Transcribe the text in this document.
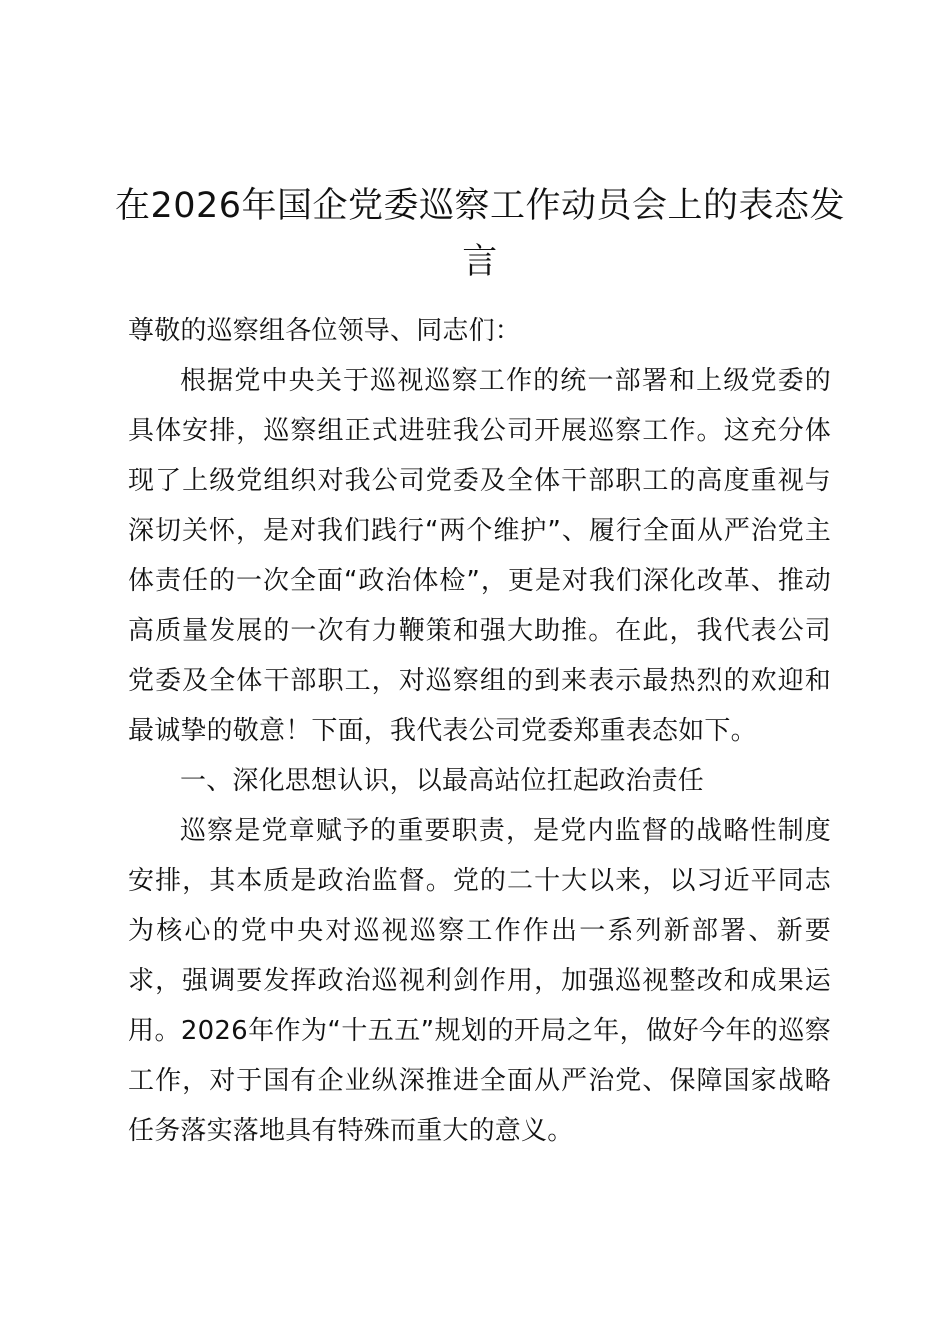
在2026年国企党委巡察工作动员会上的表态发言

尊敬的巡察组各位领导、同志们：

根据党中央关于巡视巡察工作的统一部署和上级党委的具体安排，巡察组正式进驻我公司开展巡察工作。这充分体现了上级党组织对我公司党委及全体干部职工的高度重视与深切关怀，是对我们践行“两个维护”、履行全面从严治党主体责任的一次全面“政治体检”，更是对我们深化改革、推动高质量发展的一次有力鞭策和强大助推。在此，我代表公司党委及全体干部职工，对巡察组的到来表示最热烈的欢迎和最诚挚的敬意！下面，我代表公司党委郑重表态如下。

一、深化思想认识，以最高站位扛起政治责任

巡察是党章赋予的重要职责，是党内监督的战略性制度安排，其本质是政治监督。党的二十大以来，以习近平同志为核心的党中央对巡视巡察工作作出一系列新部署、新要求，强调要发挥政治巡视利剑作用，加强巡视整改和成果运用。2026年作为“十五五”规划的开局之年，做好今年的巡察工作，对于国有企业纵深推进全面从严治党、保障国家战略任务落实落地具有特殊而重大的意义。
